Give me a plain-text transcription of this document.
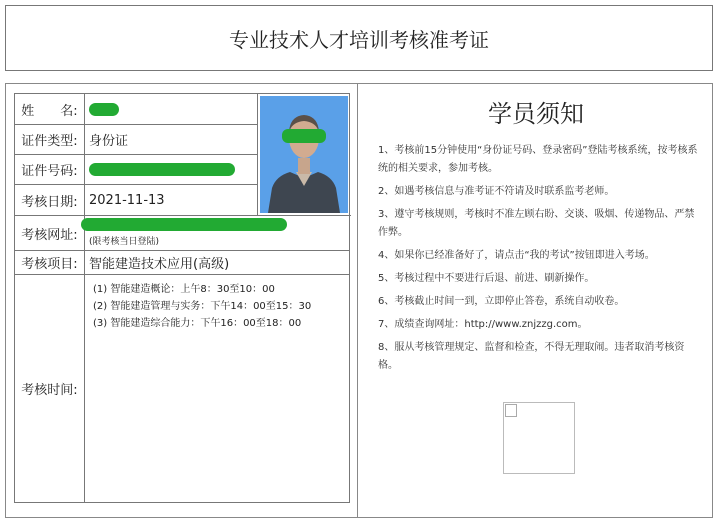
专业技术人才培训考核准考证
姓　　名:
证件类型: 身份证
证件号码:
考核日期: 2021-11-13
考核网址:	(限考核当日登陆)
考核项目: 智能建造技术应用(高级)
考核时间:
(1) 智能建造概论：上午8：30至10：00
(2) 智能建造管理与实务：下午14：00至15：30
(3) 智能建造综合能力：下午16：00至18：00
学员须知
1、考核前15分钟使用“身份证号码、登录密码”登陆考核系统，按考核系统的相关要求，参加考核。
2、如遇考核信息与准考证不符请及时联系监考老师。
3、遵守考核规则，考核时不准左顾右盼、交谈、吸烟、传递物品、严禁作弊。
4、如果你已经准备好了，请点击“我的考试”按钮即进入考场。
5、考核过程中不要进行后退、前进、刷新操作。
6、考核截止时间一到，立即停止答卷，系统自动收卷。
7、成绩查询网址：http://www.znjzzg.com。
8、服从考核管理规定、监督和检查，不得无理取闹。违者取消考核资格。
